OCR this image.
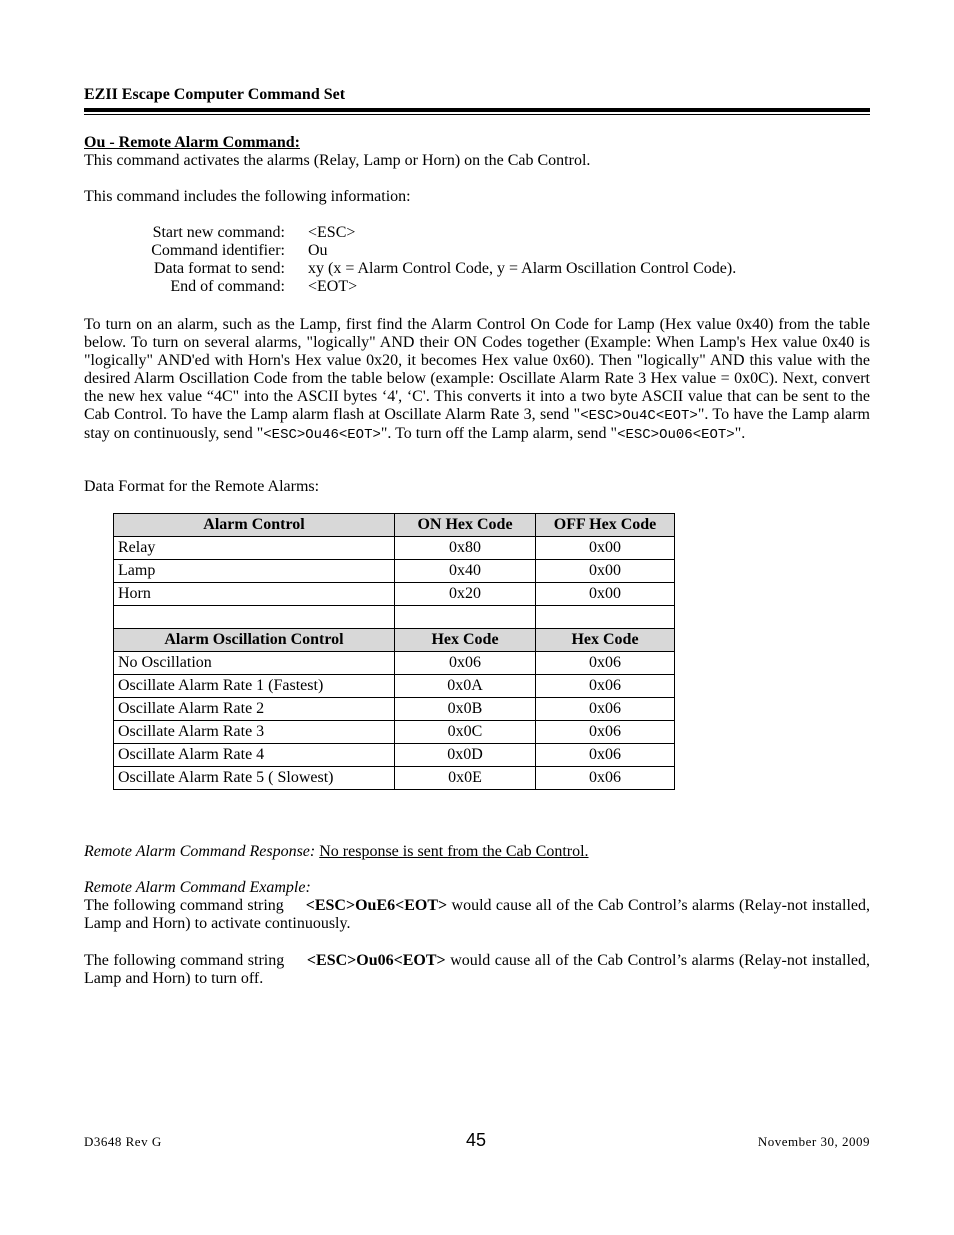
EZII Escape Computer Command Set
Ou - Remote Alarm Command:
This command activates the alarms (Relay, Lamp or Horn) on the Cab Control.
This command includes the following information:
Start new command:	<ESC>
Command identifier:	Ou
Data format to send:	xy (x = Alarm Control Code, y = Alarm Oscillation Control Code).
End of command:	<EOT>

To turn on an alarm, such as the Lamp, first find the Alarm Control On Code for Lamp (Hex value 0x40) from the table below. To turn on several alarms, "logically" AND their ON Codes together (Example: When Lamp's Hex value 0x40 is "logically" AND'ed with Horn's Hex value 0x20, it becomes Hex value 0x60). Then "logically" AND this value with the desired Alarm Oscillation Code from the table below (example: Oscillate Alarm Rate 3 Hex value = 0x0C). Next, convert the new hex value “4C" into the ASCII bytes ‘4', ‘C'. This converts it into a two byte ASCII value that can be sent to the Cab Control. To have the Lamp alarm flash at Oscillate Alarm Rate 3, send "<ESC>Ou4C<EOT>". To have the Lamp alarm stay on continuously, send "<ESC>Ou46<EOT>". To turn off the Lamp alarm, send "<ESC>Ou06<EOT>".

Data Format for the Remote Alarms:
Alarm Control	ON Hex Code	OFF Hex Code
Relay	0x80	0x00
Lamp	0x40	0x00
Horn	0x20	0x00

Alarm Oscillation Control	Hex Code	Hex Code
No Oscillation	0x06	0x06
Oscillate Alarm Rate 1 (Fastest)	0x0A	0x06
Oscillate Alarm Rate 2	0x0B	0x06
Oscillate Alarm Rate 3	0x0C	0x06
Oscillate Alarm Rate 4	0x0D	0x06
Oscillate Alarm Rate 5 ( Slowest)	0x0E	0x06
Remote Alarm Command Response: No response is sent from the Cab Control.
Remote Alarm Command Example:

The following command string     <ESC>OuE6<EOT> would cause all of the Cab Control’s alarms (Relay-not installed, Lamp and Horn) to activate continuously.

The following command string     <ESC>Ou06<EOT> would cause all of the Cab Control’s alarms (Relay-not installed, Lamp and Horn) to turn off.

D3648 Rev G	November 30, 2009
45
